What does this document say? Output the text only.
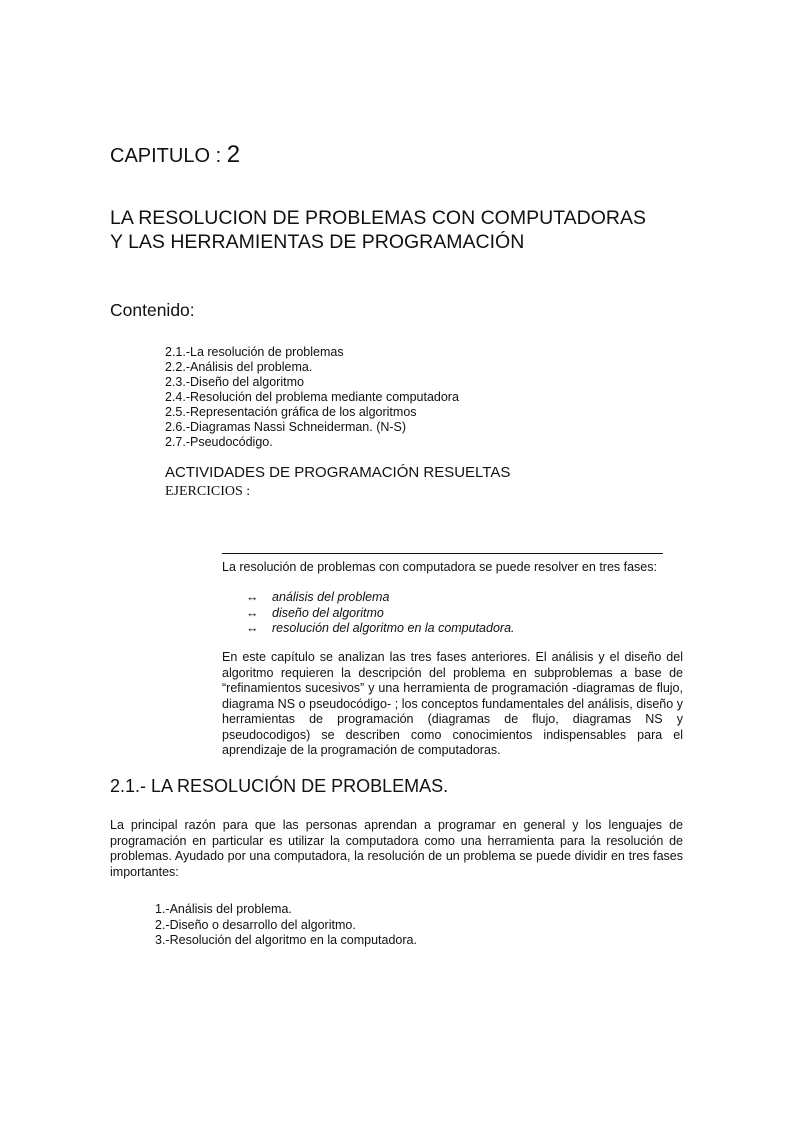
CAPITULO : 2
LA RESOLUCION DE PROBLEMAS CON COMPUTADORAS
Y LAS HERRAMIENTAS DE PROGRAMACIÓN
Contenido:
2.1.-La resolución de problemas
2.2.-Análisis del problema.
2.3.-Diseño del algoritmo
2.4.-Resolución del problema mediante computadora
2.5.-Representación gráfica de los algoritmos
2.6.-Diagramas Nassi Schneiderman. (N-S)
2.7.-Pseudocódigo.
ACTIVIDADES DE PROGRAMACIÓN RESUELTAS
EJERCICIOS :
La resolución de problemas con computadora se puede resolver en tres fases:
↔ análisis del problema
↔ diseño del algoritmo
↔ resolución del algoritmo en la computadora.

En este capítulo se analizan las tres fases anteriores. El análisis y el diseño del algoritmo requieren la descripción del problema en subproblemas a base de “refinamientos sucesivos” y una herramienta de programación -diagramas de flujo, diagrama NS o pseudocódigo- ; los conceptos fundamentales del análisis, diseño y herramientas de programación (diagramas de flujo, diagramas NS y pseudocodigos) se describen como conocimientos indispensables para el aprendizaje de la programación de computadoras.

2.1.- LA RESOLUCIÓN DE PROBLEMAS.

La principal razón para que las personas aprendan a programar en general y los lenguajes de programación en particular es utilizar la computadora como una herramienta para la resolución de problemas. Ayudado por una computadora, la resolución de un problema se puede dividir en tres fases importantes:

1.-Análisis del problema.
2.-Diseño o desarrollo del algoritmo.
3.-Resolución del algoritmo en la computadora.
